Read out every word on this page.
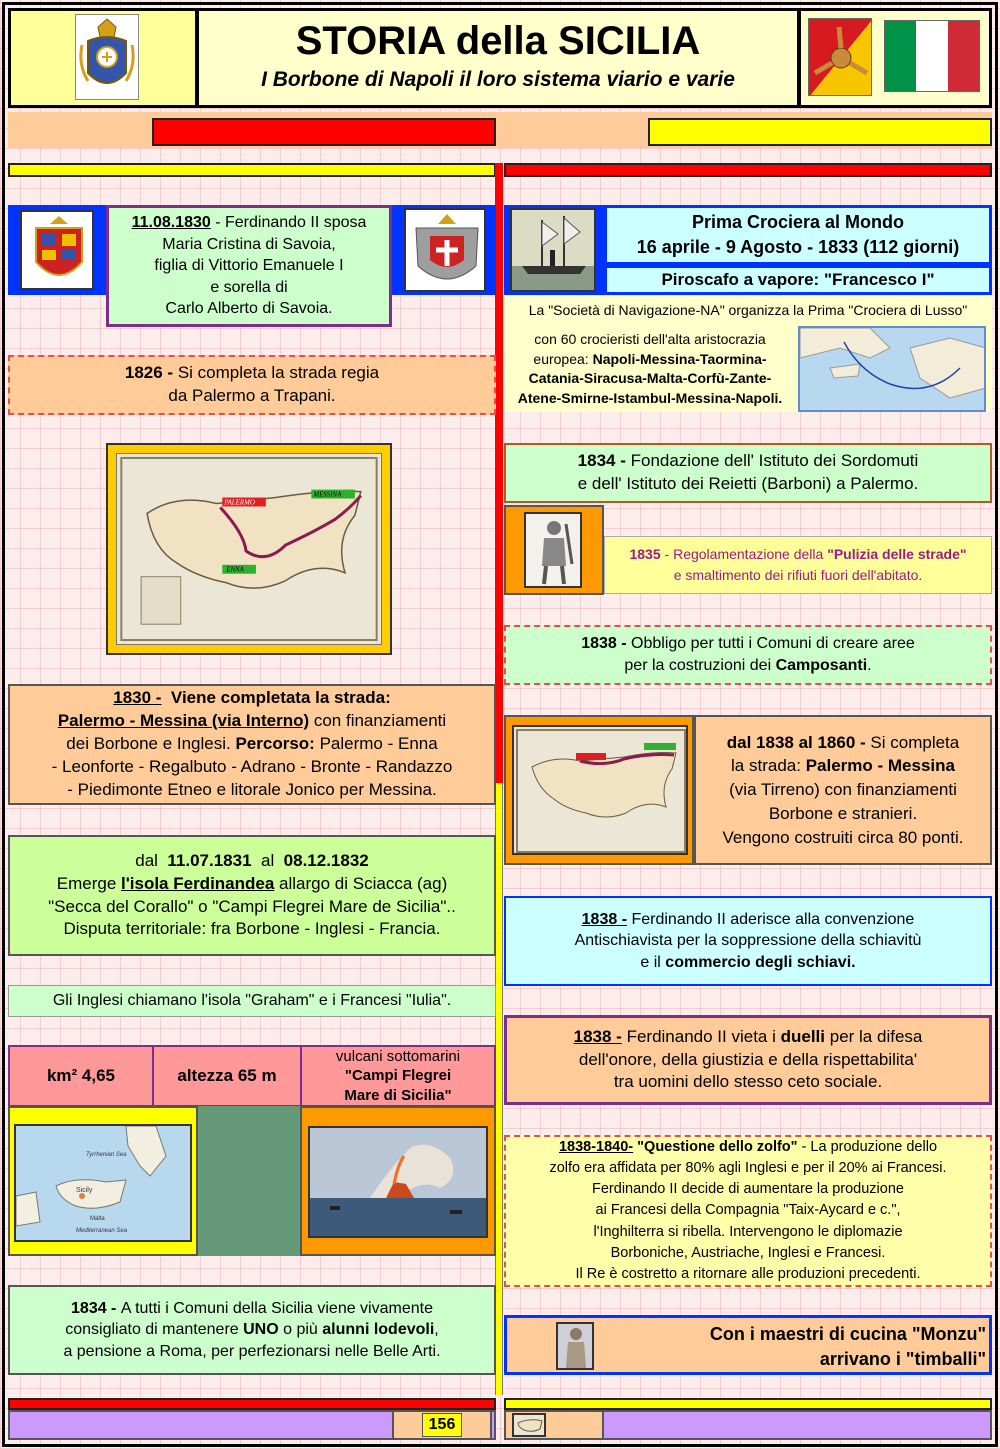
STORIA della SICILIA
I Borbone di Napoli il loro sistema viario e varie
11.08.1830 - Ferdinando II sposa
Maria Cristina di Savoia,
figlia di Vittorio Emanuele I
e sorella di
Carlo Alberto di Savoia.
1826 - Si completa la strada regia
da Palermo a Trapani.
PALERMO
MESSINA
ENNA
1830 - Viene completata la strada:
Palermo - Messina (via Interno) con finanziamenti
dei Borbone e Inglesi. Percorso: Palermo - Enna
- Leonforte - Regalbuto - Adrano - Bronte - Randazzo
- Piedimonte Etneo e litorale Jonico per Messina.
dal 11.07.1831 al 08.12.1832
Emerge l'isola Ferdinandea allargo di Sciacca (ag)
"Secca del Corallo" o "Campi Flegrei Mare de Sicilia"..
Disputa territoriale: fra Borbone - Inglesi - Francia.
Gli Inglesi chiamano l'isola "Graham" e i Francesi "Iulia".
km² 4,65	altezza 65 m
vulcani sottomarini
"Campi Flegrei
Mare di Sicilia"
Sicily
Mediterranean Sea
Tyrrhenian Sea
Malta
1834 - A tutti i Comuni della Sicilia viene vivamente
consigliato di mantenere UNO o più alunni lodevoli,
a pensione a Roma, per perfezionarsi nelle Belle Arti.
Prima Crociera al Mondo
16 aprile - 9 Agosto - 1833 (112 giorni)
Piroscafo a vapore: "Francesco I"
La "Società di Navigazione-NA" organizza la Prima "Crociera di Lusso"
con 60 crocieristi dell'alta aristocrazia
europea: Napoli-Messina-Taormina-
Catania-Siracusa-Malta-Corfù-Zante-
Atene-Smirne-Istambul-Messina-Napoli.
1834 - Fondazione dell' Istituto dei Sordomuti
e dell' Istituto dei Reietti (Barboni) a Palermo.
1835 - Regolamentazione della "Pulizia delle strade"
e smaltimento dei rifiuti fuori dell'abitato.
1838 - Obbligo per tutti i Comuni di creare aree
per la costruzioni dei Camposanti.
dal 1838 al 1860 - Si completa
la strada: Palermo - Messina
(via Tirreno) con finanziamenti
Borbone e stranieri.
Vengono costruiti circa 80 ponti.
1838 - Ferdinando II aderisce alla convenzione
Antischiavista per la soppressione della schiavitù
e il commercio degli schiavi.
1838 - Ferdinando II vieta i duelli per la difesa
dell'onore, della giustizia e della rispettabilita'
tra uomini dello stesso ceto sociale.
1838-1840- "Questione dello zolfo" - La produzione dello
zolfo era affidata per 80% agli Inglesi e per il 20% ai Francesi.
Ferdinando II decide di aumentare la produzione
ai Francesi della Compagnia "Taix-Aycard e c.",
l'Inghilterra si ribella. Intervengono le diplomazie
Borboniche, Austriache, Inglesi e Francesi.
Il Re è costretto a ritornare alle produzioni precedenti.
Con i maestri di cucina "Monzu"
arrivano i "timballi"
156
